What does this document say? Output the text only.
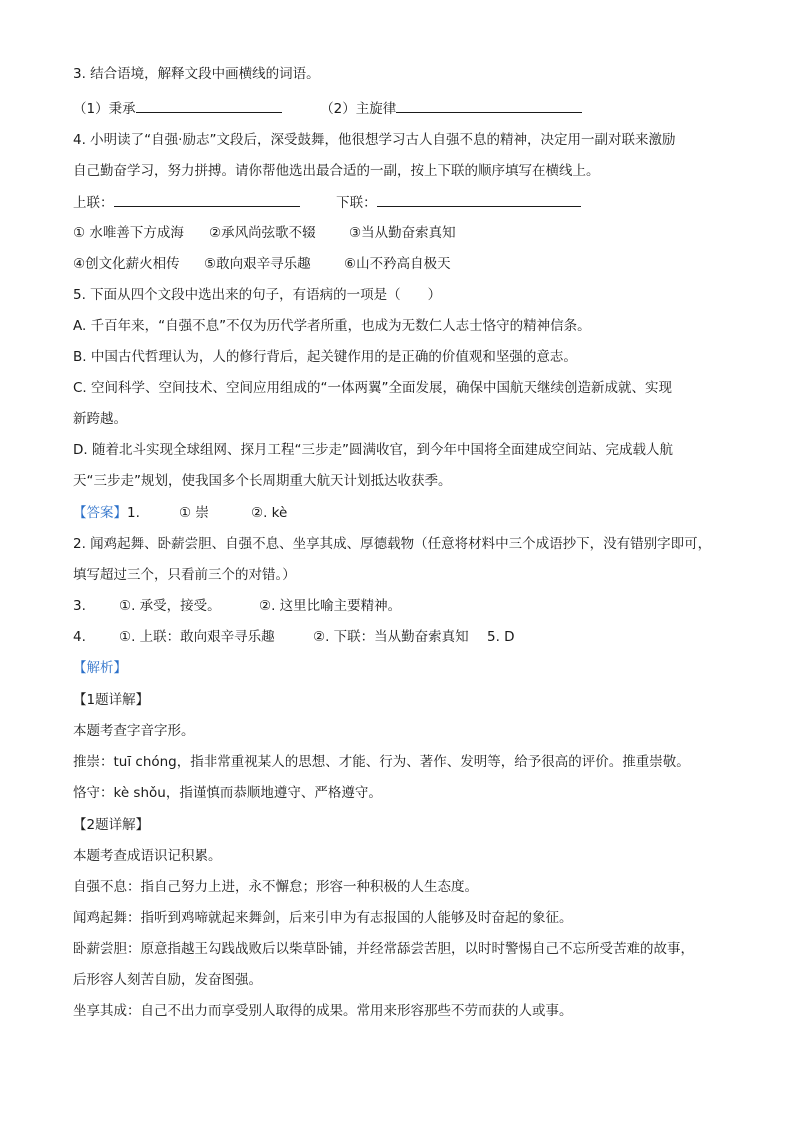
3. 结合语境，解释文段中画横线的词语。
（1）秉承	（2）主旋律
4. 小明读了“自强·励志”文段后，深受鼓舞，他很想学习古人自强不息的精神，决定用一副对联来激励
自己勤奋学习，努力拼搏。请你帮他选出最合适的一副，按上下联的顺序填写在横线上。
上联：	下联：
① 水唯善下方成海 ②承风尚弦歌不辍 ③当从勤奋索真知
④创文化薪火相传 ⑤敢向艰辛寻乐趣 ⑥山不矜高自极天
5. 下面从四个文段中选出来的句子，有语病的一项是（　　）
A. 千百年来，“自强不息”不仅为历代学者所重，也成为无数仁人志士恪守的精神信条。
B. 中国古代哲理认为，人的修行背后，起关键作用的是正确的价值观和坚强的意志。
C. 空间科学、空间技术、空间应用组成的“一体两翼”全面发展，确保中国航天继续创造新成就、实现
新跨越。
D. 随着北斗实现全球组网、探月工程“三步走”圆满收官，到今年中国将全面建成空间站、完成载人航
天“三步走”规划，使我国多个长周期重大航天计划抵达收获季。
【答案】1.	① 崇	②. kè
2. 闻鸡起舞、卧薪尝胆、自强不息、坐享其成、厚德载物（任意将材料中三个成语抄下，没有错别字即可，
填写超过三个，只看前三个的对错。）
3. ①. 承受，接受。	②. 这里比喻主要精神。
4. ①. 上联：敢向艰辛寻乐趣	②. 下联：当从勤奋索真知 5. D
【解析】
【1题详解】
本题考查字音字形。
推崇：tuī chóng，指非常重视某人的思想、才能、行为、著作、发明等，给予很高的评价。推重崇敬。
恪守：kè shǒu，指谨慎而恭顺地遵守、严格遵守。
【2题详解】
本题考查成语识记积累。
自强不息：指自己努力上进，永不懈怠；形容一种积极的人生态度。
闻鸡起舞：指听到鸡啼就起来舞剑，后来引申为有志报国的人能够及时奋起的象征。
卧薪尝胆：原意指越王勾践战败后以柴草卧铺，并经常舔尝苦胆，以时时警惕自己不忘所受苦难的故事，
后形容人刻苦自励，发奋图强。
坐享其成：自己不出力而享受别人取得的成果。常用来形容那些不劳而获的人或事。
